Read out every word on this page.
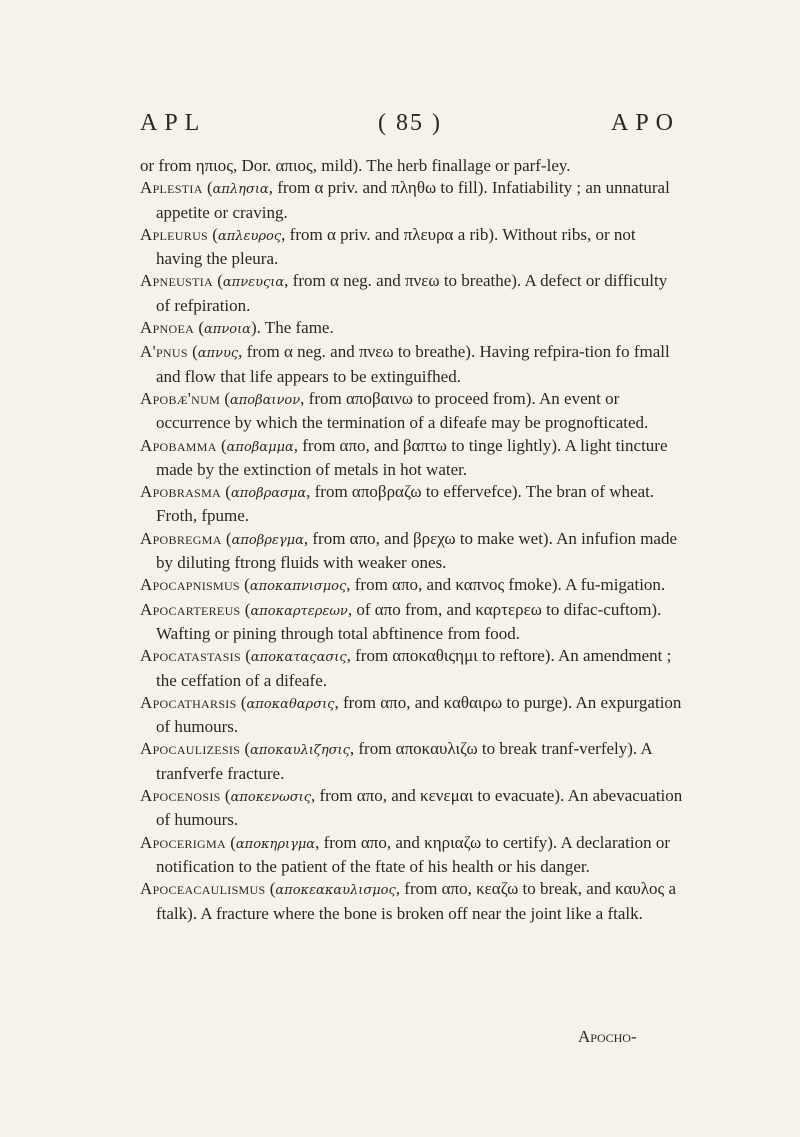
APL	( 85 )	APO

or from ηπιος, Dor. απιος, mild). The herb finallage or parf-ley.

Aplestia (απλησια, from α priv. and πληθω to fill). Infatiability ; an unnatural appetite or craving.

Apleurus (απλευρος, from α priv. and πλευρα a rib). Without ribs, or not having the pleura.

Apneustia (απνευςια, from α neg. and πνεω to breathe). A defect or difficulty of refpiration.

Apnoea (απνοια). The fame.

A'pnus (απνυς, from α neg. and πνεω to breathe). Having refpira-tion fo fmall and flow that life appears to be extinguifhed.

Apobæ'num (αποβαινον, from αποβαινω to proceed from). An event or occurrence by which the termination of a difeafe may be prognofticated.

Apobamma (αποβαμμα, from απο, and βαπτω to tinge lightly). A light tincture made by the extinction of metals in hot water.

Apobrasma (αποβρασμα, from αποβραζω to effervefce). The bran of wheat. Froth, fpume.

Apobregma (αποβρεγμα, from απο, and βρεχω to make wet). An infufion made by diluting ftrong fluids with weaker ones.

Apocapnismus (αποκαπνισμος, from απο, and καπνος fmoke). A fu-migation.

Apocartereus (αποκαρτερεων, of απο from, and καρτερεω to difac-cuftom). Wafting or pining through total abftinence from food.

Apocatastasis (αποκαταςασις, from αποκαθιςημι to reftore). An amendment ; the ceffation of a difeafe.

Apocatharsis (αποκαθαρσις, from απο, and καθαιρω to purge). An expurgation of humours.

Apocaulizesis (αποκαυλιζησις, from αποκαυλιζω to break tranf-verfely). A tranfverfe fracture.

Apocenosis (αποκενωσις, from απο, and κενεμαι to evacuate). An abevacuation of humours.

Apocerigma (αποκηριγμα, from απο, and κηριαζω to certify). A declaration or notification to the patient of the ftate of his health or his danger.

Apoceacaulismus (αποκεακαυλισμος, from απο, κεαζω to break, and καυλος a ftalk). A fracture where the bone is broken off near the joint like a ftalk.

Apocho-
